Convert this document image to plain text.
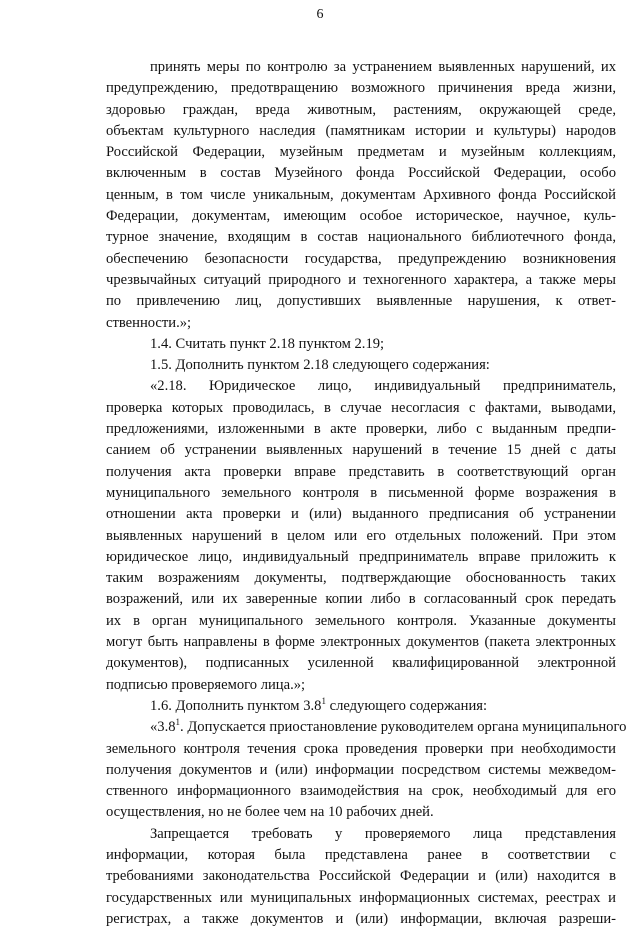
6
принять меры по контролю за устранением выявленных нарушений, их
предупреждению, предотвращению возможного причинения вреда жизни,
здоровью граждан, вреда животным, растениям, окружающей среде,
объектам культурного наследия (памятникам истории и культуры) народов
Российской Федерации, музейным предметам и музейным коллекциям,
включенным в состав Музейного фонда Российской Федерации, особо
ценным, в том числе уникальным, документам Архивного фонда Российской
Федерации, документам, имеющим особое историческое, научное, куль-
турное значение, входящим в состав национального библиотечного фонда,
обеспечению безопасности государства, предупреждению возникновения
чрезвычайных ситуаций природного и техногенного характера, а также меры
по привлечению лиц, допустивших выявленные нарушения, к ответ-
ственности.»;
1.4. Считать пункт 2.18 пунктом 2.19;
1.5. Дополнить пунктом 2.18 следующего содержания:
«2.18. Юридическое лицо, индивидуальный предприниматель,
проверка которых проводилась, в случае несогласия с фактами, выводами,
предложениями, изложенными в акте проверки, либо с выданным предпи-
санием об устранении выявленных нарушений в течение 15 дней с даты
получения акта проверки вправе представить в соответствующий орган
муниципального земельного контроля в письменной форме возражения в
отношении акта проверки и (или) выданного предписания об устранении
выявленных нарушений в целом или его отдельных положений. При этом
юридическое лицо, индивидуальный предприниматель вправе приложить к
таким возражениям документы, подтверждающие обоснованность таких
возражений, или их заверенные копии либо в согласованный срок передать
их в орган муниципального земельного контроля. Указанные документы
могут быть направлены в форме электронных документов (пакета электронных
документов), подписанных усиленной квалифицированной электронной
подписью проверяемого лица.»;
1.6. Дополнить пунктом $3.8^1$ следующего содержания:
«$3.8^1$. Допускается приостановление руководителем органа муниципального
земельного контроля течения срока проведения проверки при необходимости
получения документов и (или) информации посредством системы межведом-
ственного информационного взаимодействия на срок, необходимый для его
осуществления, но не более чем на 10 рабочих дней.
Запрещается требовать у проверяемого лица представления
информации, которая была представлена ранее в соответствии с
требованиями законодательства Российской Федерации и (или) находится в
государственных или муниципальных информационных системах, реестрах и
регистрах, а также документов и (или) информации, включая разреши-
